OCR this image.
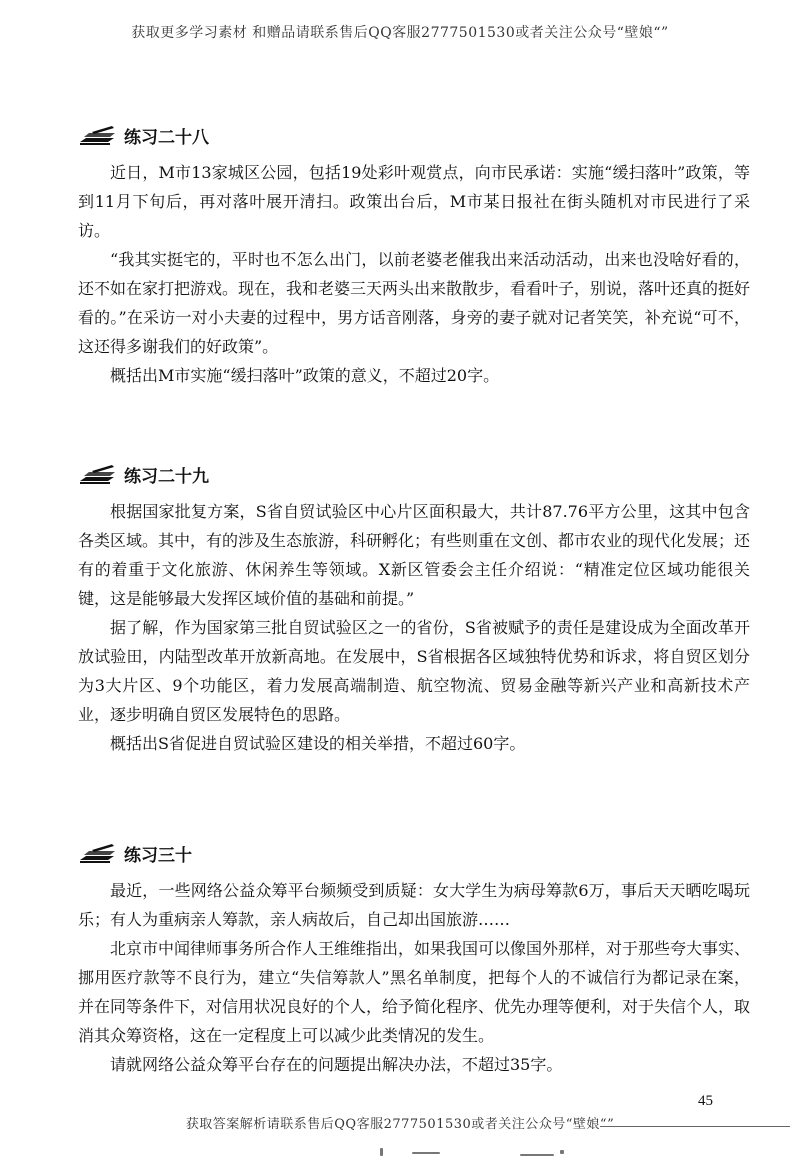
获取更多学习素材 和赠品请联系售后QQ客服2777501530或者关注公众号“壁娘“”
练习二十八

近日，M市13家城区公园，包括19处彩叶观赏点，向市民承诺：实施“缓扫落叶”政策，等到11月下旬后，再对落叶展开清扫。政策出台后，M市某日报社在街头随机对市民进行了采访。

“我其实挺宅的，平时也不怎么出门，以前老婆老催我出来活动活动，出来也没啥好看的，还不如在家打把游戏。现在，我和老婆三天两头出来散散步，看看叶子，别说，落叶还真的挺好看的。”在采访一对小夫妻的过程中，男方话音刚落，身旁的妻子就对记者笑笑，补充说“可不，这还得多谢我们的好政策”。

概括出M市实施“缓扫落叶”政策的意义，不超过20字。

练习二十九

根据国家批复方案，S省自贸试验区中心片区面积最大，共计87.76平方公里，这其中包含各类区域。其中，有的涉及生态旅游，科研孵化；有些则重在文创、都市农业的现代化发展；还有的着重于文化旅游、休闲养生等领域。X新区管委会主任介绍说：“精准定位区域功能很关键，这是能够最大发挥区域价值的基础和前提。”

据了解，作为国家第三批自贸试验区之一的省份，S省被赋予的责任是建设成为全面改革开放试验田，内陆型改革开放新高地。在发展中，S省根据各区域独特优势和诉求，将自贸区划分为3大片区、9个功能区，着力发展高端制造、航空物流、贸易金融等新兴产业和高新技术产业，逐步明确自贸区发展特色的思路。

概括出S省促进自贸试验区建设的相关举措，不超过60字。

练习三十

最近，一些网络公益众筹平台频频受到质疑：女大学生为病母筹款6万，事后天天晒吃喝玩乐；有人为重病亲人筹款，亲人病故后，自己却出国旅游……

北京市中闻律师事务所合作人王维维指出，如果我国可以像国外那样，对于那些夸大事实、挪用医疗款等不良行为，建立“失信筹款人”黑名单制度，把每个人的不诚信行为都记录在案，并在同等条件下，对信用状况良好的个人，给予简化程序、优先办理等便利，对于失信个人，取消其众筹资格，这在一定程度上可以减少此类情况的发生。

请就网络公益众筹平台存在的问题提出解决办法，不超过35字。

45
获取答案解析请联系售后QQ客服2777501530或者关注公众号“壁娘“”
